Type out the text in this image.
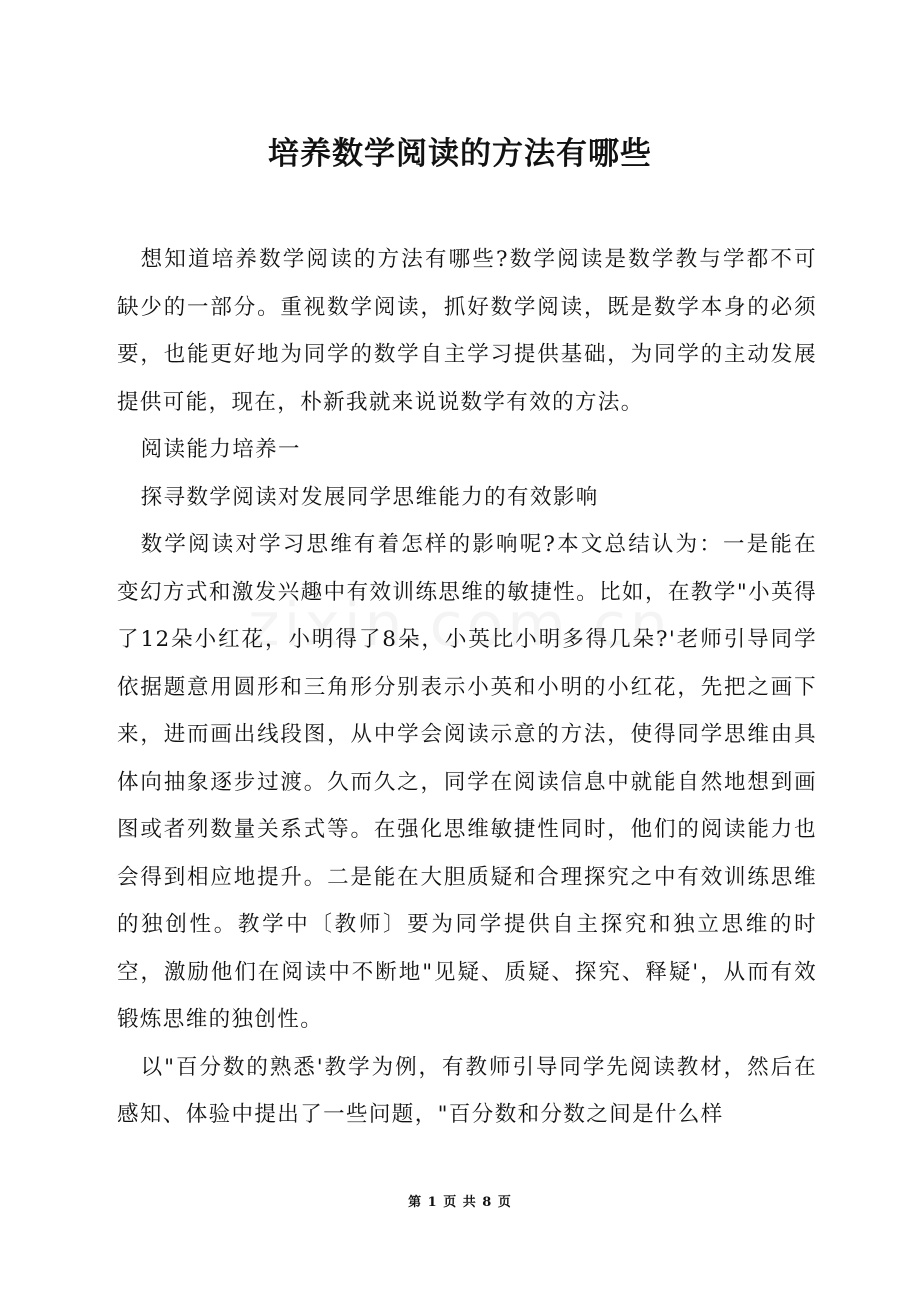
培养数学阅读的方法有哪些

想知道培养数学阅读的方法有哪些?数学阅读是数学教与学都不可缺少的一部分。重视数学阅读，抓好数学阅读，既是数学本身的必须要，也能更好地为同学的数学自主学习提供基础，为同学的主动发展提供可能，现在，朴新我就来说说数学有效的方法。

阅读能力培养一

探寻数学阅读对发展同学思维能力的有效影响

数学阅读对学习思维有着怎样的影响呢?本文总结认为：一是能在变幻方式和激发兴趣中有效训练思维的敏捷性。比如，在教学"小英得了12朵小红花，小明得了8朵，小英比小明多得几朵?'老师引导同学依据题意用圆形和三角形分别表示小英和小明的小红花，先把之画下来，进而画出线段图，从中学会阅读示意的方法，使得同学思维由具体向抽象逐步过渡。久而久之，同学在阅读信息中就能自然地想到画图或者列数量关系式等。在强化思维敏捷性同时，他们的阅读能力也会得到相应地提升。二是能在大胆质疑和合理探究之中有效训练思维的独创性。教学中〔教师〕要为同学提供自主探究和独立思维的时空，激励他们在阅读中不断地"见疑、质疑、探究、释疑'，从而有效锻炼思维的独创性。

以"百分数的熟悉'教学为例，有教师引导同学先阅读教材，然后在感知、体验中提出了一些问题，"百分数和分数之间是什么样

第 1 页 共 8 页
